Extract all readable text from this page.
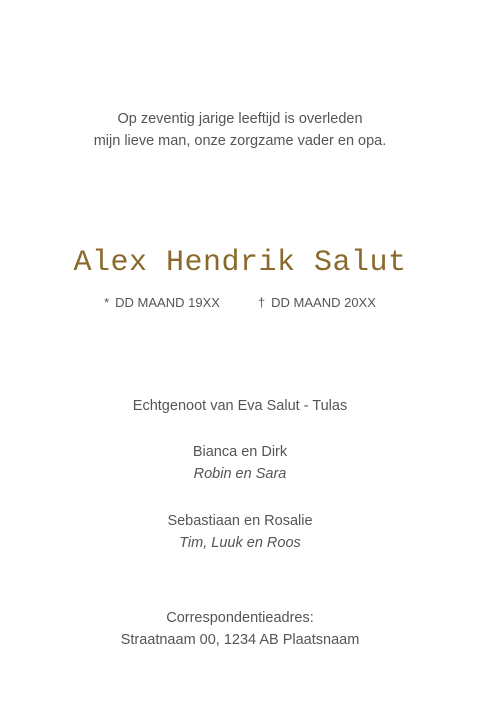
Op zeventig jarige leeftijd is overleden
mijn lieve man, onze zorgzame vader en opa.
Alex Hendrik Salut
* DD MAAND 19XX	† DD MAAND 20XX
Echtgenoot van Eva Salut - Tulas
Bianca en Dirk
Robin en Sara
Sebastiaan en Rosalie
Tim, Luuk en Roos
Correspondentieadres:
Straatnaam 00, 1234 AB Plaatsnaam
